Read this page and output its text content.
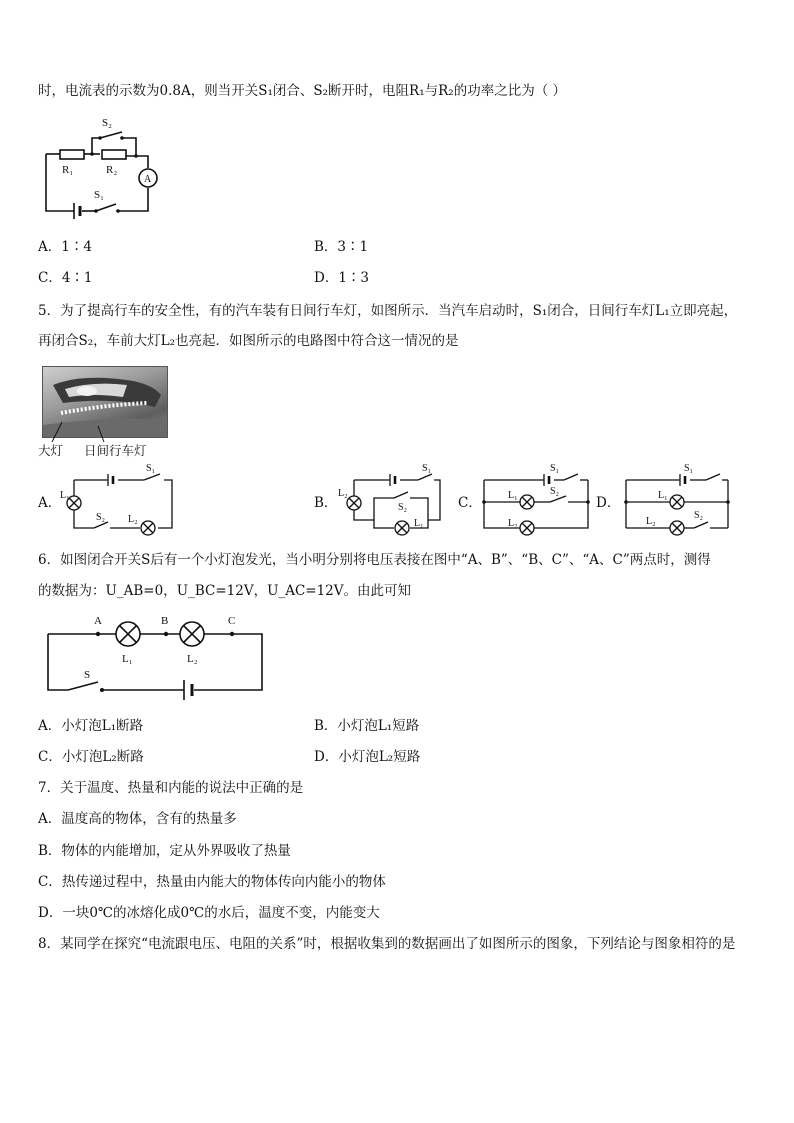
时，电流表的示数为0.8A，则当开关S₁闭合、S₂断开时，电阻R₁与R₂的功率之比为（ ）
S₂
R₁	R₂
A
S₁
A．1∶4	B．3∶1
C．4∶1	D．1∶3
5．为了提高行车的安全性，有的汽车装有日间行车灯，如图所示．当汽车启动时，S₁闭合，日间行车灯L₁立即亮起，
再闭合S₂，车前大灯L₂也亮起．如图所示的电路图中符合这一情况的是
大灯 日间行车灯
A．	B．	C．	D．
S₁
L₁
S₂ L₂
S₁
L₂
S₂
L₁
S₁
L₁	S₂
L₂
S₁
L₁
L₂
S₂
6．如图闭合开关S后有一个小灯泡发光，当小明分别将电压表接在图中“A、B”、“B、C”、“A、C”两点时，测得
的数据为：U_AB=0，U_BC=12V，U_AC=12V。由此可知
A	B	C
L₁	L₂
S
A．小灯泡L₁断路	B．小灯泡L₁短路
C．小灯泡L₂断路	D．小灯泡L₂短路
7．关于温度、热量和内能的说法中正确的是
A．温度高的物体，含有的热量多
B．物体的内能增加，定从外界吸收了热量
C．热传递过程中，热量由内能大的物体传向内能小的物体
D．一块0℃的冰熔化成0℃的水后，温度不变，内能变大
8．某同学在探究“电流跟电压、电阻的关系”时，根据收集到的数据画出了如图所示的图象，下列结论与图象相符的是
